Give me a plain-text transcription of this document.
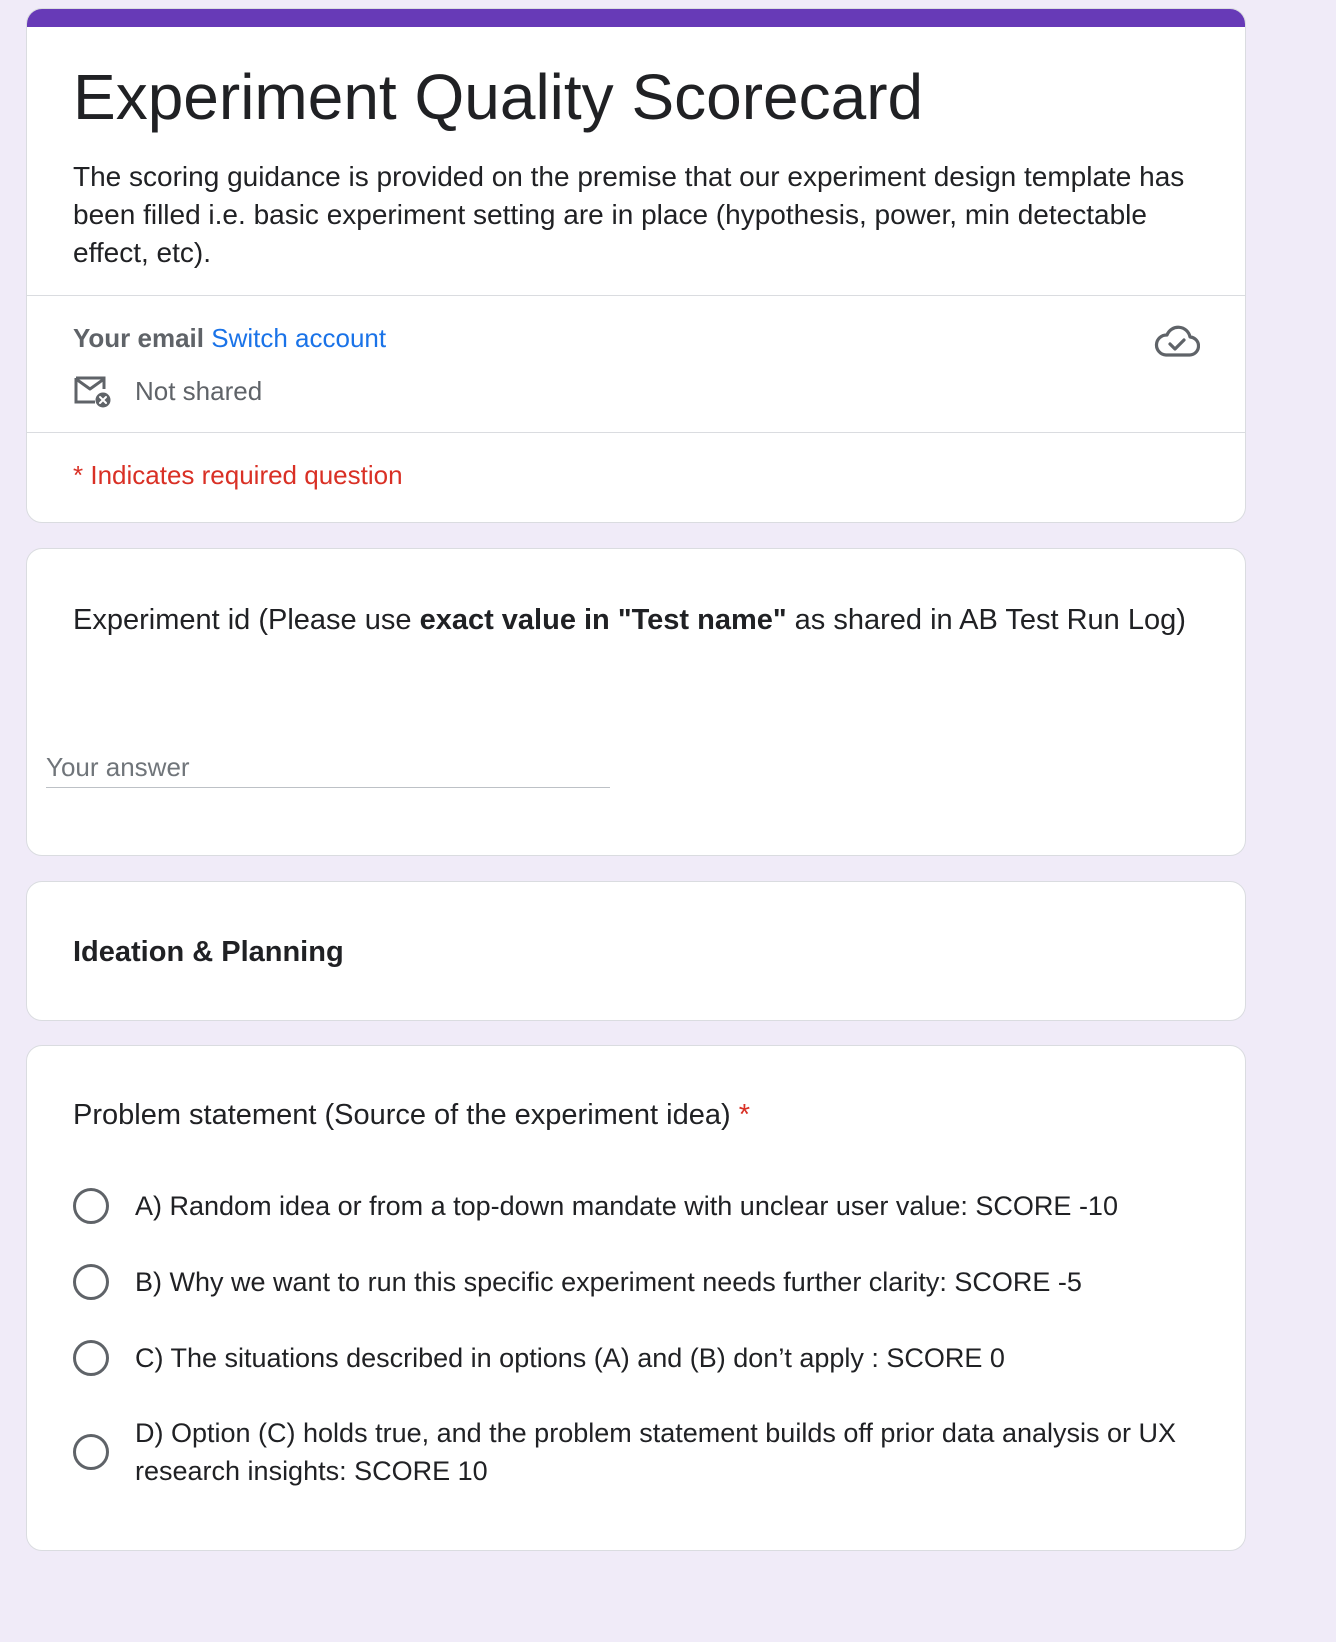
Experiment Quality Scorecard

The scoring guidance is provided on the premise that our experiment design template has been filled i.e. basic experiment setting are in place (hypothesis, power, min detectable effect, etc).

Your email Switch account
Not shared
* Indicates required question
Experiment id (Please use exact value in "Test name" as shared in AB Test Run Log)
Your answer
Ideation & Planning
Problem statement (Source of the experiment idea) *
A) Random idea or from a top-down mandate with unclear user value: SCORE -10
B) Why we want to run this specific experiment needs further clarity: SCORE -5
C) The situations described in options (A) and (B) don’t apply : SCORE 0
D) Option (C) holds true, and the problem statement builds off prior data analysis or UX research insights: SCORE 10
